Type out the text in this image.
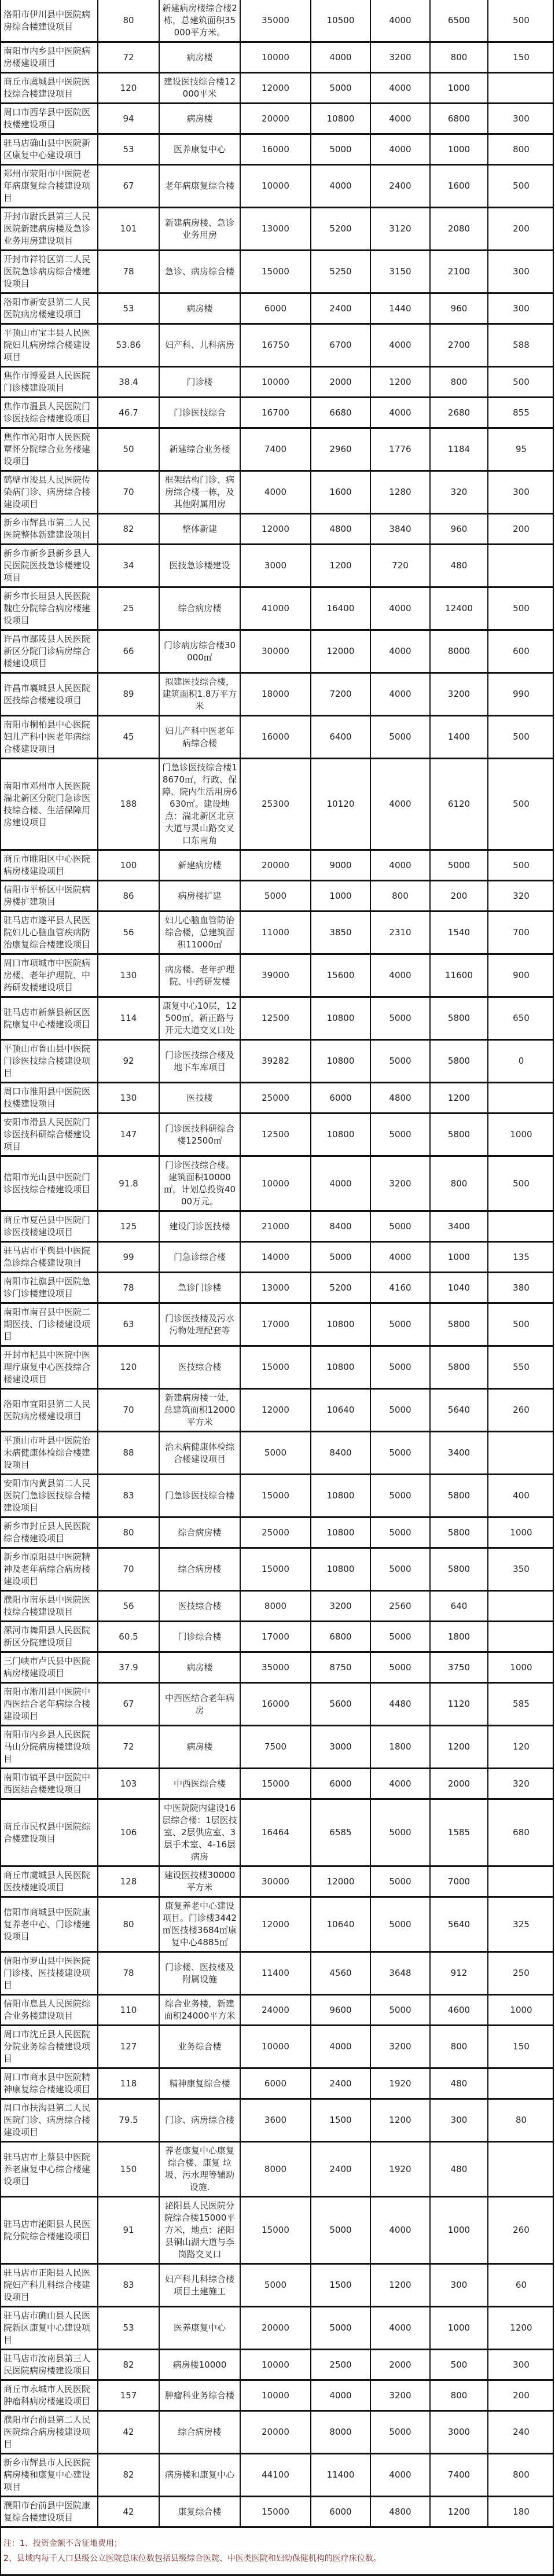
洛阳市伊川县中医院病房综合楼建设项目	80	新建病房楼综合楼2栋，总建筑面积35000平方米。	35000	10500	4000	6500	500
南阳市内乡县中医院病房楼建设项目	72	病房楼	10000	4000	3200	800	150
商丘市虞城县中医院医技综合楼建设项目	120	建设医技综合楼12000平米	12000	5000	4000	1000	
周口市西华县中医院医技楼建设项目	94	病房楼	20000	10800	4000	6800	300
驻马店确山县中医院新区康复中心建设项目	53	医养康复中心	16000	5000	4000	1000	800
郑州市荥阳市中医院老年病康复综合楼建设项目	67	老年病康复综合楼	10000	4000	2400	1600	500
开封市尉氏县第三人民医院新建病房楼及急诊业务用房建设项目	101	新建病房楼、急诊业务用房	13000	5200	3120	2080	200
开封市祥符区第二人民医院急诊病房综合楼建设项目	78	急诊、病房综合楼	15000	5250	3150	2100	300
洛阳市新安县第二人民医院病房楼建设项目	53	病房楼	6000	2400	1440	960	300
平顶山市宝丰县人民医院妇儿病房综合楼建设项目	53.86	妇产科、儿科病房	16750	6700	4000	2700	588
焦作市博爱县人民医院门诊楼建设项目	38.4	门诊楼	10000	2000	1200	800	500
焦作市温县人民医院门诊医技综合楼建设项目	46.7	门诊医技综合	16700	6680	4000	2680	855
焦作市沁阳市人民医院覃怀分院综合业务楼建设项目	50	新建综合业务楼	7400	2960	1776	1184	95
鹤壁市浚县人民医院传染病门诊、病房综合楼建设项目	70	框架结构门诊、病房综合楼一栋，及其他附属用房	4000	1600	1280	320	300
新乡市辉县市第二人民医院整体新建建设项目	82	整体新建	12000	4800	3840	960	200
新乡市新乡县新乡县人民医院医技急诊楼建设项目	34	医技急诊楼建设	3000	1200	720	480	
新乡市长垣县人民医院魏庄分院综合病房楼建设项目	25	综合病房楼	41000	16400	4000	12400	500
许昌市鄢陵县人民医院新区分院门诊病房综合楼建设项目	66	门诊病房综合楼30000㎡	30000	12000	4000	8000	600
许昌市襄城县人民医院医技综合楼建设项目	89	拟建医技综合楼，建筑面积1.8万平方米	18000	7200	4000	3200	990
南阳市桐柏县中心医院妇儿产科中医老年病综合楼建设项目	45	妇儿产科中医老年病综合楼	16000	6400	5000	1400	500
南阳市邓州市人民医院湍北新区分院门急诊医技综合楼、生活保障用房建设项目	188	门急诊医技综合楼18670㎡，行政、保障、院内生活用房6630㎡。建设地点：湍北新区北京大道与灵山路交叉口东南角	25300	10120	4000	6120	500
商丘市睢阳区中心医院病房楼建设项目	100	新建病房楼	20000	9000	4000	5000	500
信阳市平桥区中医院病房楼扩建项目	86	病房楼扩建	5000	1000	800	200	320
驻马店市遂平县人民医院妇儿心脑血管疾病防治康复综合楼建设项目	56	妇儿心脑血管防治综合楼，总建筑面积11000㎡	11000	3850	2310	1540	700
周口市项城市中医院病房楼、老年护理院、中药研发楼建设项目	130	病房楼、老年护理院、中药研发楼	39000	15600	4000	11600	900
驻马店市新蔡县新区医院康复中心楼建设项目	114	康复中心10层，12500㎡，新正路与开元大道交叉口处	12500	10800	5000	5800	650
平顶山市鲁山县中医院门诊医技综合楼建设项目	92	门诊医技综合楼及地下车库项目	39282	10800	5000	5800	0
周口市淮阳县中医院医技楼建设项目	130	医技楼	25000	6000	4800	1200	
安阳市滑县人民医院门诊医技科研综合楼建设项目	147	门诊医技科研综合楼12500㎡	12500	10800	5000	5800	1000
信阳市光山县中医院门诊医技综合楼建设项目	91.8	门诊医技综合楼。建筑面积10000㎡，计划总投资4000万元。	10000	4000	3200	800	500
商丘市夏邑县中医院门诊医技楼建设项目	125	建设门诊医技楼	21000	8400	5000	3400	
驻马店市平舆县中医院急诊综合楼建设项目	99	门急诊综合楼	14000	5000	4000	1000	135
南阳市社旗县中医院急诊门诊楼建设项目	78	急诊门诊楼	13000	5200	4160	1040	380
南阳市南召县中医院二期医技、门诊楼建设项目	63	门诊医技楼及污水污物处理配套等	17000	10800	5000	5800	500
开封市杞县中医院中医理疗康复中心医技综合楼建设项目	120	医技综合楼	15000	10800	5000	5800	550
洛阳市宜阳县第二人民医院病房楼建设项目	70	新建病房楼一处，总建筑面积12000平方米	12000	10640	5000	5640	260
平顶山市叶县中医院治未病健康体检综合楼建设项目	88	治未病健康体检综合楼建设项目	5000	8400	5000	3400	
安阳市内黄县第二人民医院门急诊医技综合楼建设项目	83	门急诊医技综合楼	15000	10800	5000	5800	400
新乡市封丘县人民医院综合楼建设项目	80	综合病房楼	25000	10800	5000	5800	1000
新乡市原阳县中医院精神及老年病综合病房楼建设项目	70	综合病房楼	15000	10800	5000	5800	350
濮阳市南乐县中医院医技综合楼建设项目	56	医技综合楼	8000	3200	2560	640	
漯河市舞阳县人民医院新区分院建设项目	60.5	门诊综合楼	17000	6800	5000	1800	
三门峡市卢氏县中医院病房楼建设项目	37.9	病房楼	35000	8750	5000	3750	1000
南阳市淅川县中医院中西医结合老年病综合楼建设项目	67	中西医结合老年病房	16000	5600	4480	1120	585
南阳市内乡县人民医院马山分院病房楼建设项目	72	病房楼	7500	3000	1800	1200	120
南阳市镇平县中医院中西医结合楼建设项目	103	中西医综合楼	15000	6000	4000	2000	320
商丘市民权县中医院综合楼建设项目	106	中医院院内建设16层综合楼：1层医技室、2层供应室、3层手术室、4-16层病房	16464	6585	5000	1585	680
商丘市虞城县人民医院医技楼建设项目	128	建设医技楼30000平方米	30000	12000	5000	7000	
信阳市商城县中医院康复养老中心、门诊楼建设项目	80	康复养老中心建设项目。门诊楼3442㎡医技楼3684㎡康复中心4885㎡	12000	10640	5000	5640	325
信阳市罗山县中医医院门诊楼、医技楼建设项目	78	门诊楼、医技楼及附属设施	11400	4560	3648	912	250
信阳市息县人民医院综合业务楼建设项目	110	综合业务楼，新建面积24000平方米	24000	9600	5000	4600	1000
周口市沈丘县人民医院分院业务综合楼建设项目	127	业务综合楼	10000	4000	3200	800	150
周口市商水县中医院精神康复综合楼建设项目	118	精神康复综合楼	6000	2400	1920	480	
周口市扶沟县第二人民医院门诊、病房综合楼建设项目	79.5	门诊、病房综合楼	3600	1500	1200	300	80
驻马店市上蔡县中医院养老康复中心综合楼建设项目	150	养老康复中心康复综合楼、康复 垃圾、污水理等辅助设施.	8000	2400	1920	480	
驻马店市泌阳县人民医院分院综合楼建设项目	91	泌阳县人民医院分院综合楼15000平方米，地点：泌阳县铜山湖大道与李岗路交叉口	15000	5000	4000	1000	260
驻马店市正阳县人民医院妇产科儿科综合楼建设项目	83	妇产科儿科综合楼项目土建施工	5000	1500	1200	300	60
驻马店市确山县人民医院新区康复中心建设项目	53	医养康复中心	20000	5000	4000	1000	1200
驻马店市汝南县第三人民医院病房楼建设项目	82	病房楼10000	10000	2500	2000	500	300
商丘市永城市人民医院肿瘤科病房楼建设项目	157	肿瘤科业务综合楼	10000	4000	3200	800	200
濮阳市台前县第二人民医院综合病房楼建设项目	42	综合病房楼	20000	8000	5000	3000	240
新乡市辉县市人民医院病房楼和康复中心建设项目	82	病房楼和康复中心	44100	11400	4000	7400	800
濮阳市台前县中医院康复综合楼建设项目	42	康复综合楼	15000	6000	4800	1200	180
注：1、投资金额不含征地费用；
2、县域内每千人口县级公立医院总床位数包括县级综合医院、中医类医院和妇幼保健机构的医疗床位数。
